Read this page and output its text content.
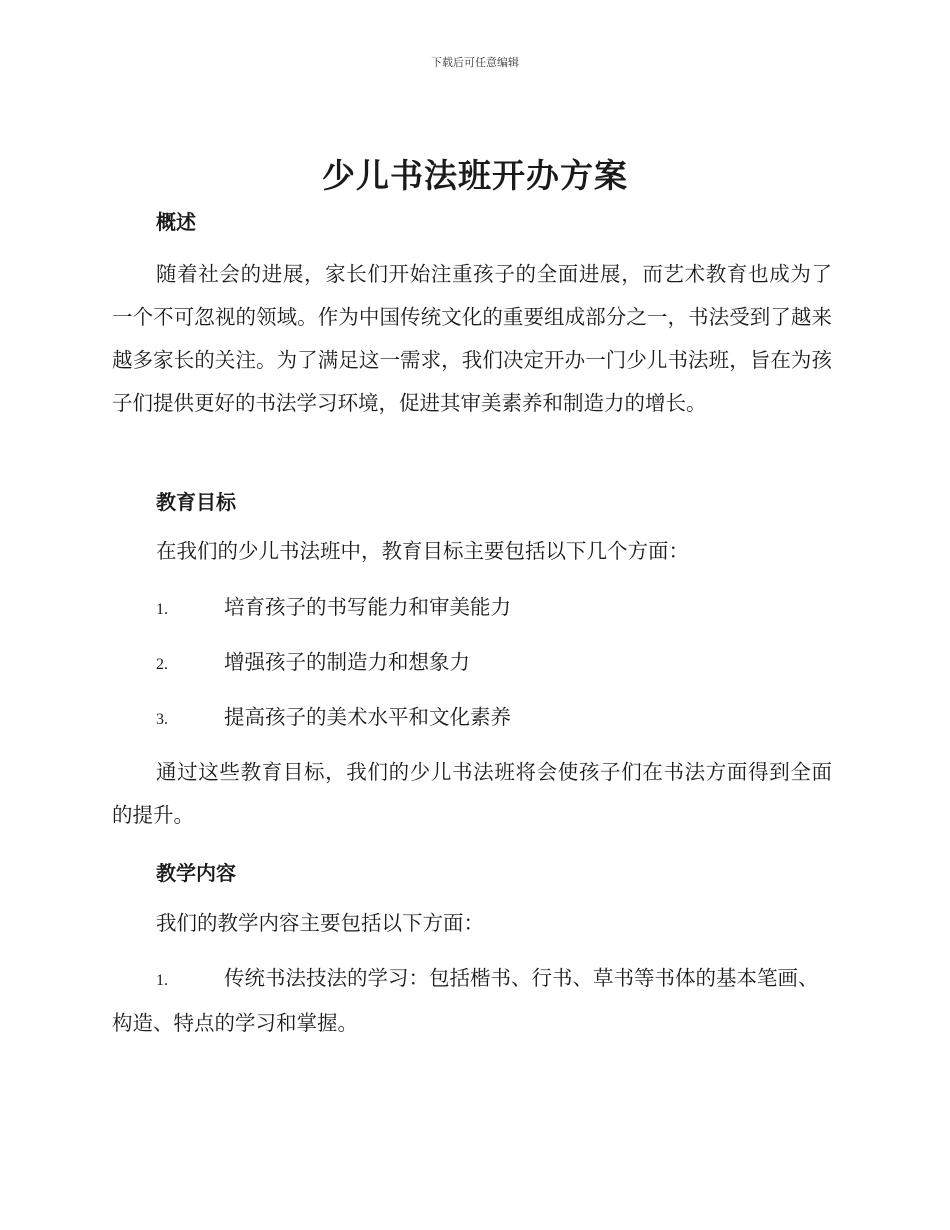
下载后可任意编辑
少儿书法班开办方案
概述

随着社会的进展，家长们开始注重孩子的全面进展，而艺术教育也成为了一个不可忽视的领域。作为中国传统文化的重要组成部分之一，书法受到了越来越多家长的关注。为了满足这一需求，我们决定开办一门少儿书法班，旨在为孩子们提供更好的书法学习环境，促进其审美素养和制造力的增长。

教育目标

在我们的少儿书法班中，教育目标主要包括以下几个方面：

1.	培育孩子的书写能力和审美能力
2.	增强孩子的制造力和想象力
3.	提高孩子的美术水平和文化素养

通过这些教育目标，我们的少儿书法班将会使孩子们在书法方面得到全面的提升。

教学内容

我们的教学内容主要包括以下方面：

1.	传统书法技法的学习：包括楷书、行书、草书等书体的基本笔画、构造、特点的学习和掌握。
